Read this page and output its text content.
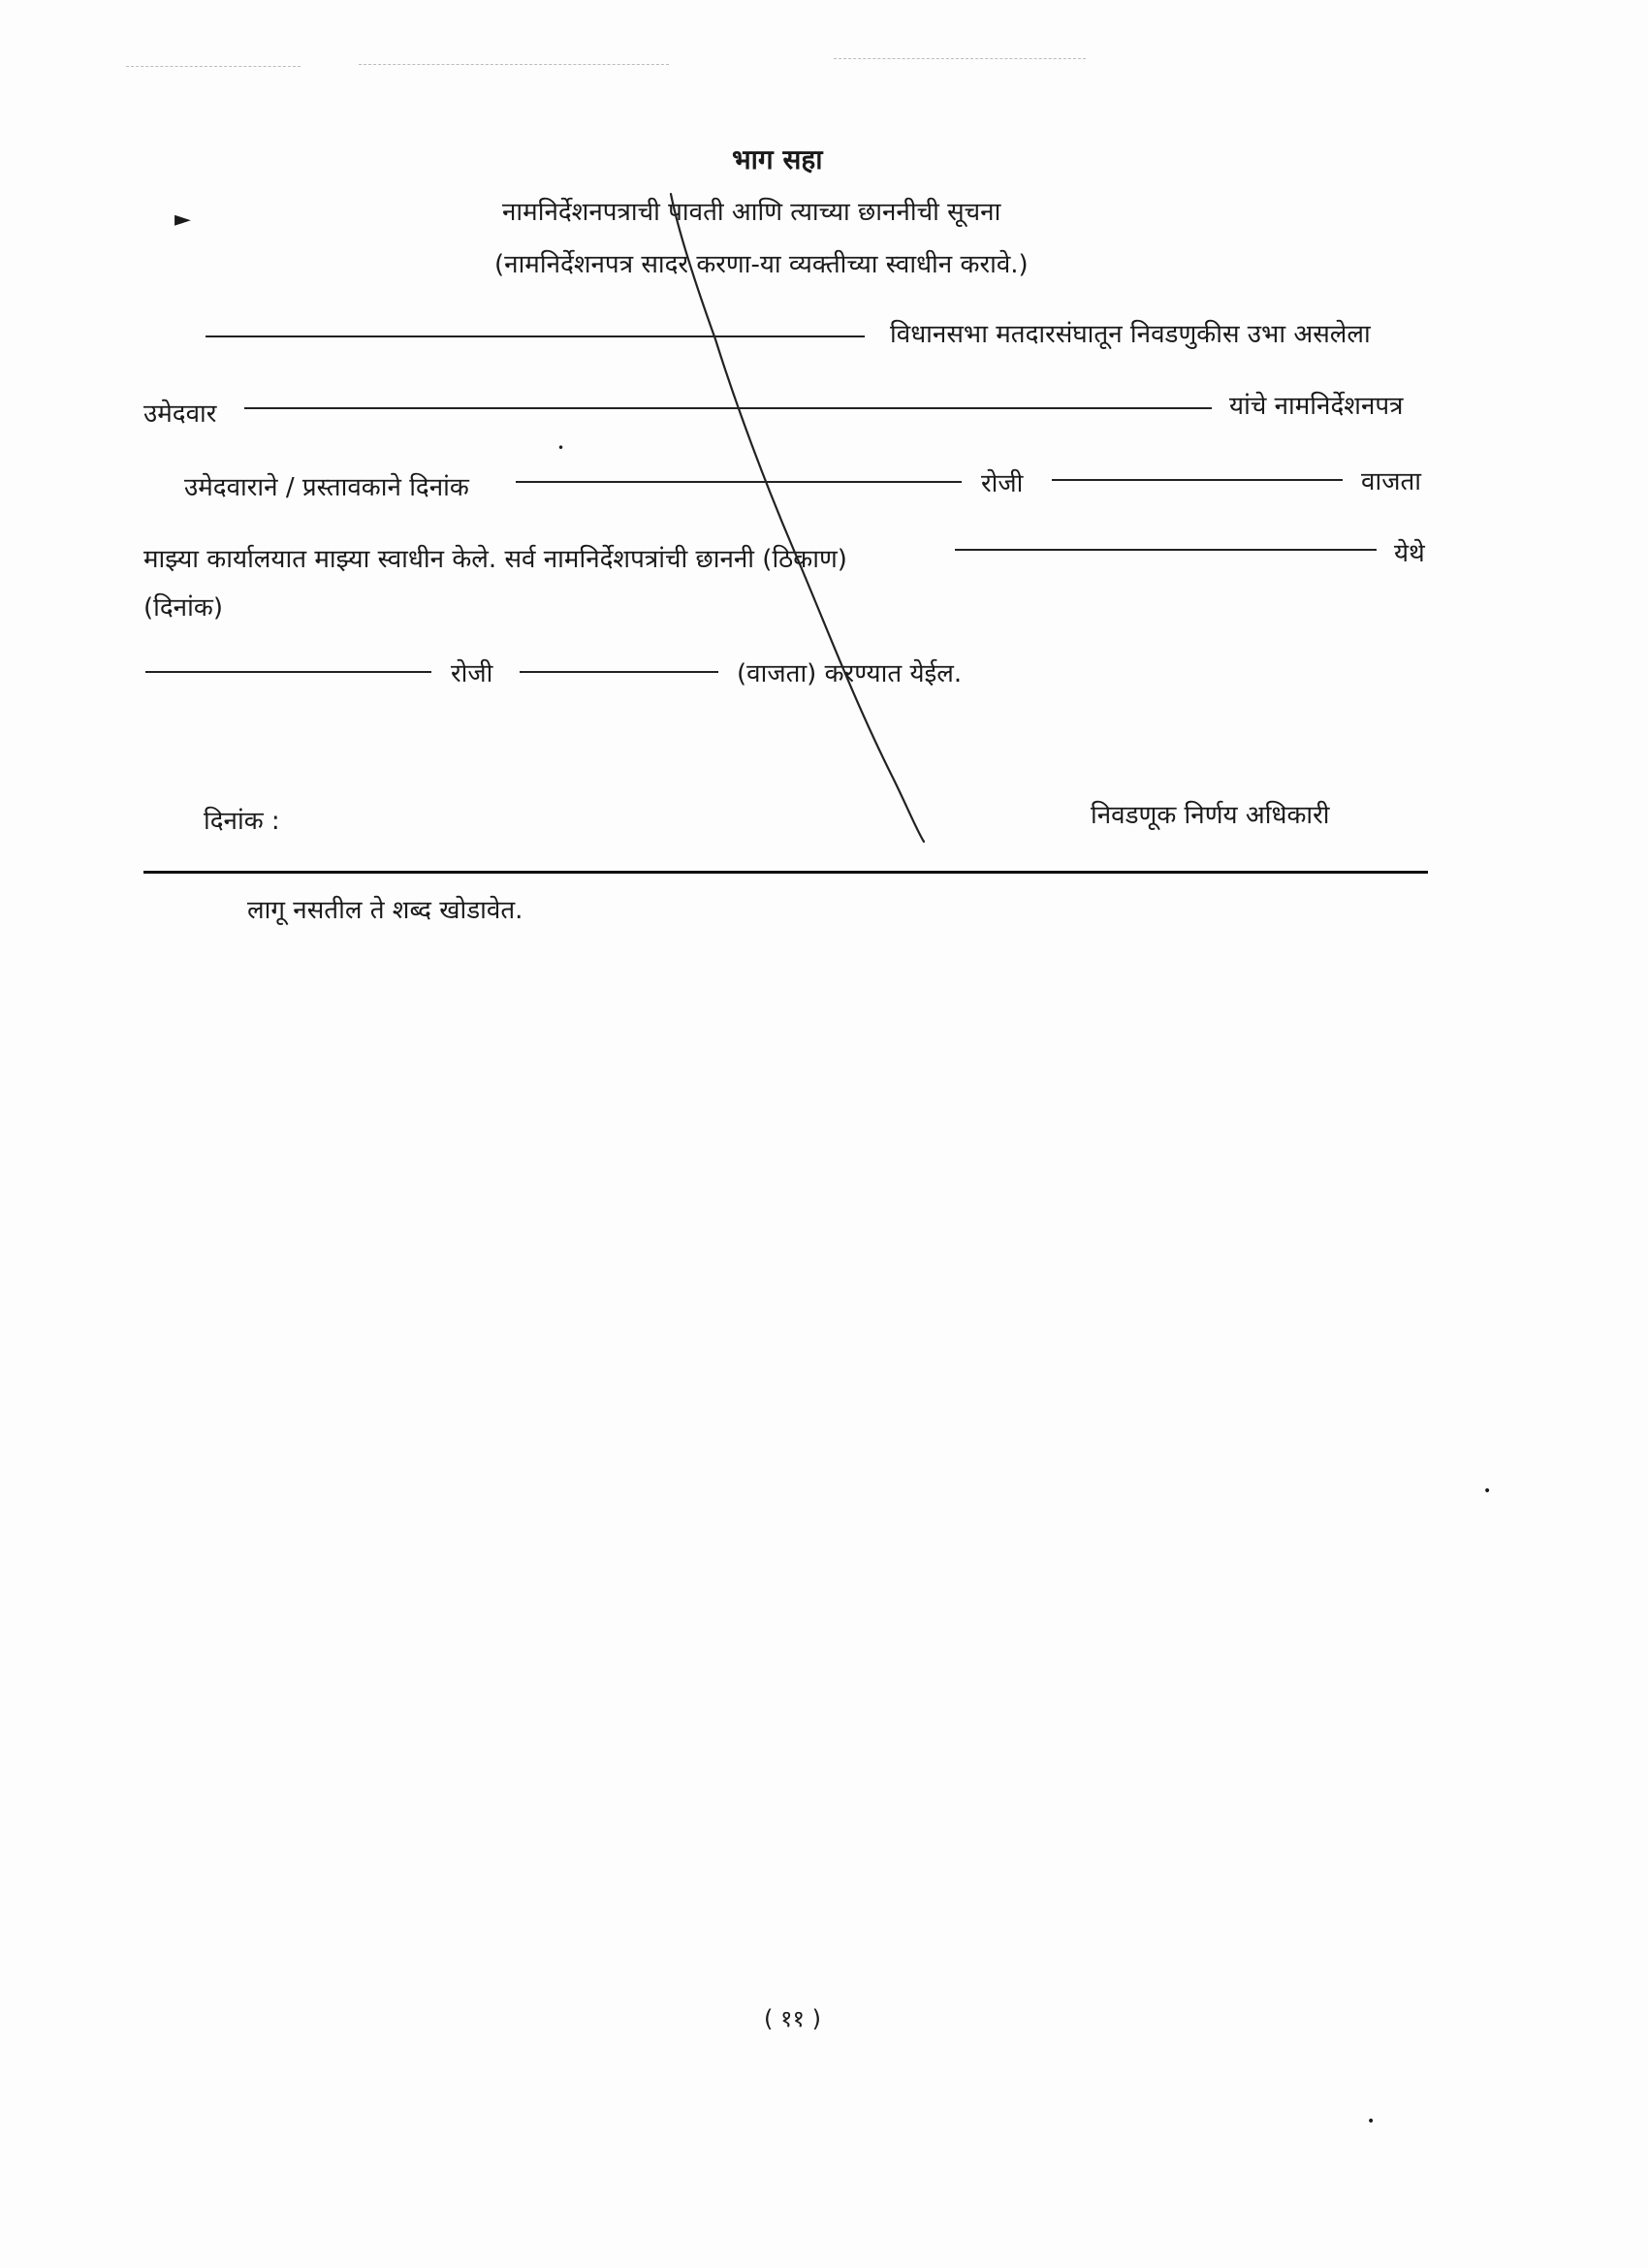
►
भाग सहा
नामनिर्देशनपत्राची पावती आणि त्याच्या छाननीची सूचना
(नामनिर्देशनपत्र सादर करणा-या व्यक्तीच्या स्वाधीन करावे.)
विधानसभा मतदारसंघातून निवडणुकीस उभा असलेला
उमेदवार	यांचे नामनिर्देशनपत्र
उमेदवाराने / प्रस्तावकाने दिनांक	रोजी	वाजता
माझ्या कार्यालयात माझ्या स्वाधीन केले. सर्व नामनिर्देशपत्रांची छाननी (ठिकाण)	येथे
(दिनांक)
रोजी	(वाजता) करण्यात येईल.
दिनांक :	निवडणूक निर्णय अधिकारी
लागू नसतील ते शब्द खोडावेत.
( ११ )
•
•
•
